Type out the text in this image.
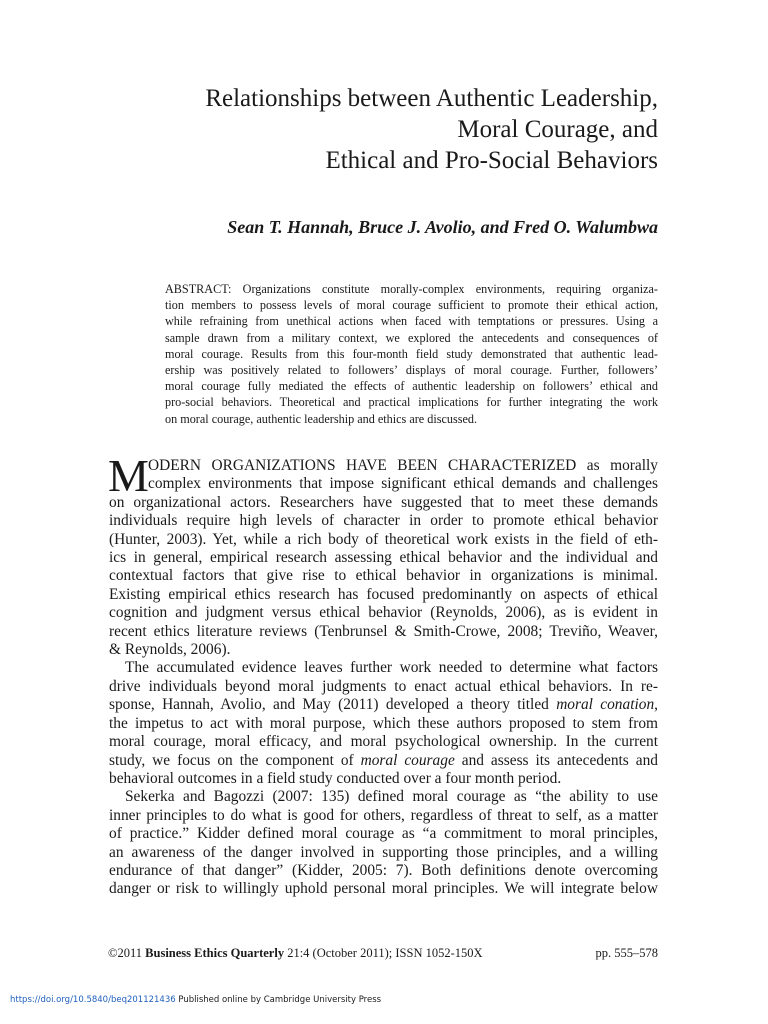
Relationships between Authentic Leadership,
Moral Courage, and
Ethical and Pro-Social Behaviors
Sean T. Hannah, Bruce J. Avolio, and Fred O. Walumbwa
ABSTRACT: Organizations constitute morally-complex environments, requiring organiza-
tion members to possess levels of moral courage sufficient to promote their ethical action,
while refraining from unethical actions when faced with temptations or pressures. Using a
sample drawn from a military context, we explored the antecedents and consequences of
moral courage. Results from this four-month field study demonstrated that authentic lead-
ership was positively related to followers’ displays of moral courage. Further, followers’
moral courage fully mediated the effects of authentic leadership on followers’ ethical and
pro-social behaviors. Theoretical and practical implications for further integrating the work
on moral courage, authentic leadership and ethics are discussed.
M ODERN ORGANIZATIONS HAVE BEEN CHARACTERIZED as morally
complex environments that impose significant ethical demands and challenges
on organizational actors. Researchers have suggested that to meet these demands
individuals require high levels of character in order to promote ethical behavior
(Hunter, 2003). Yet, while a rich body of theoretical work exists in the field of eth-
ics in general, empirical research assessing ethical behavior and the individual and
contextual factors that give rise to ethical behavior in organizations is minimal.
Existing empirical ethics research has focused predominantly on aspects of ethical
cognition and judgment versus ethical behavior (Reynolds, 2006), as is evident in
recent ethics literature reviews (Tenbrunsel & Smith-Crowe, 2008; Treviño, Weaver,
& Reynolds, 2006).
The accumulated evidence leaves further work needed to determine what factors
drive individuals beyond moral judgments to enact actual ethical behaviors. In re-
sponse, Hannah, Avolio, and May (2011) developed a theory titled moral conation,
the impetus to act with moral purpose, which these authors proposed to stem from
moral courage, moral efficacy, and moral psychological ownership. In the current
study, we focus on the component of moral courage and assess its antecedents and
behavioral outcomes in a field study conducted over a four month period.
Sekerka and Bagozzi (2007: 135) defined moral courage as “the ability to use
inner principles to do what is good for others, regardless of threat to self, as a matter
of practice.” Kidder defined moral courage as “a commitment to moral principles,
an awareness of the danger involved in supporting those principles, and a willing
endurance of that danger” (Kidder, 2005: 7). Both definitions denote overcoming
danger or risk to willingly uphold personal moral principles. We will integrate below
©2011 Business Ethics Quarterly 21:4 (October 2011); ISSN 1052-150X	pp. 555–578
https://doi.org/10.5840/beq201121436 Published online by Cambridge University Press
